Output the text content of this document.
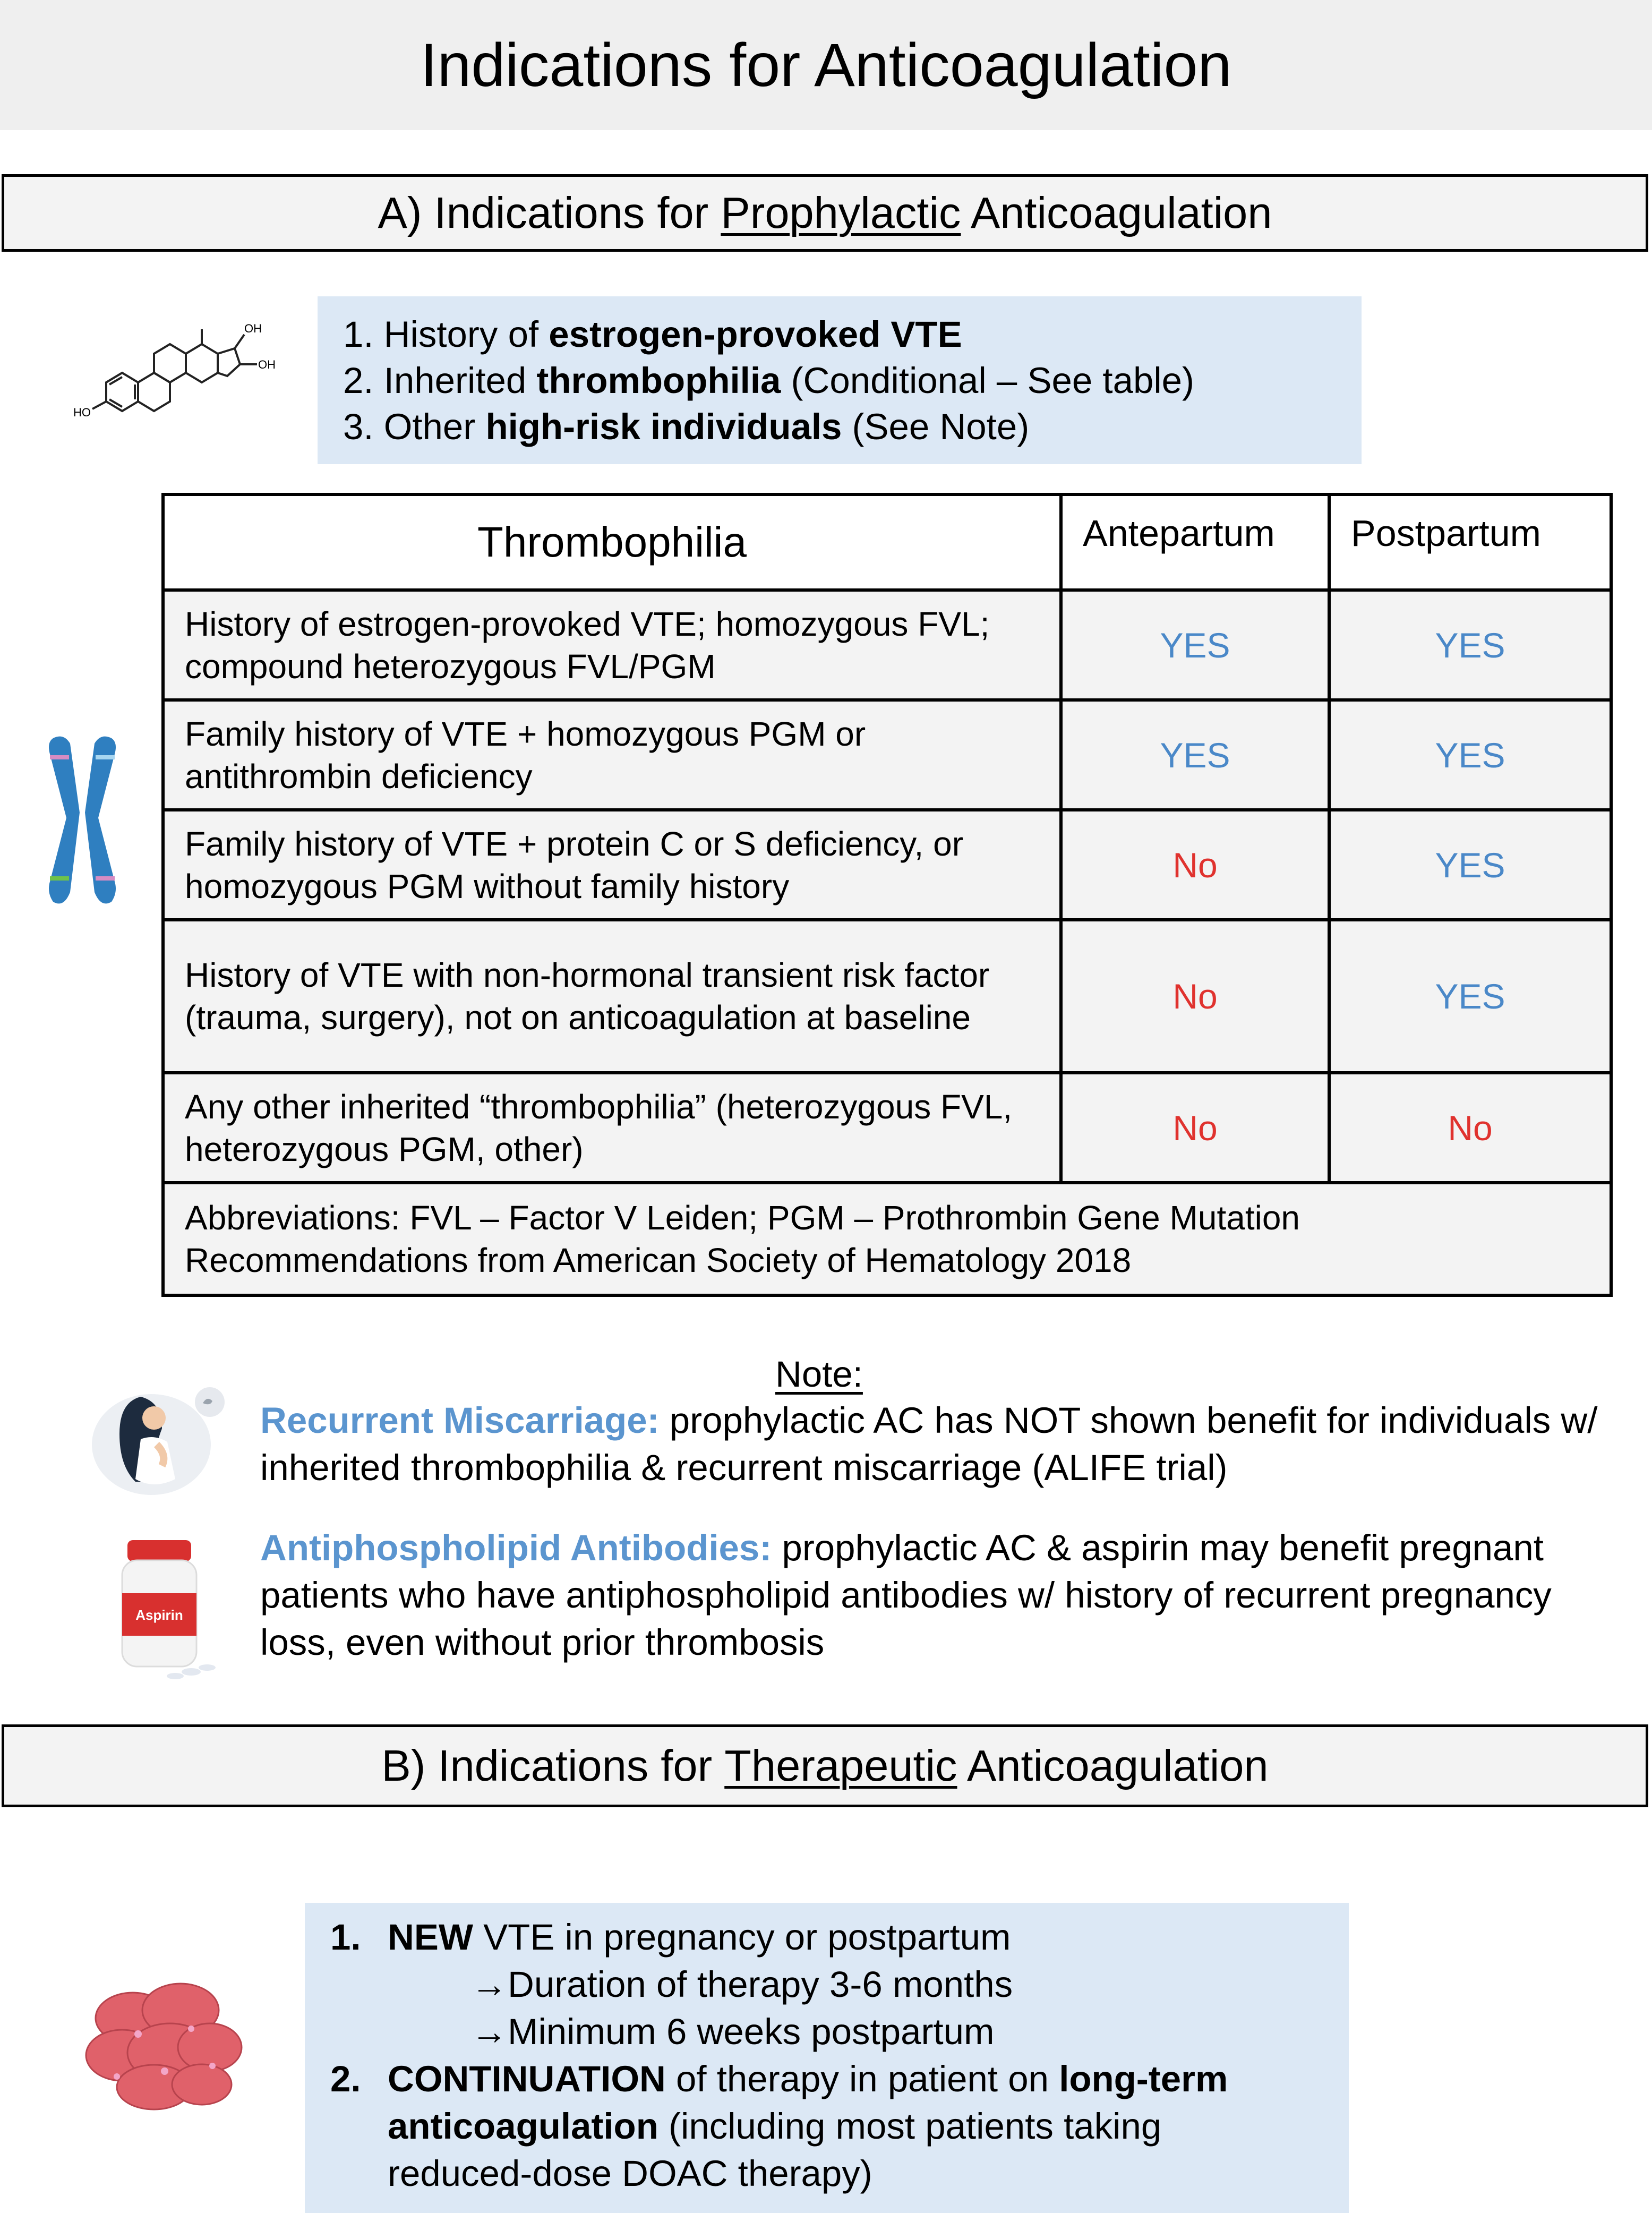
Indications for Anticoagulation
A) Indications for Prophylactic Anticoagulation
OH
OH
HO
1. History of estrogen-provoked VTE
2. Inherited thrombophilia (Conditional – See table)
3. Other high-risk individuals (See Note)
Thrombophilia	Antepartum	Postpartum
History of estrogen-provoked VTE; homozygous FVL; compound heterozygous FVL/PGM	YES	YES
Family history of VTE + homozygous PGM or antithrombin deficiency	YES	YES
Family history of VTE + protein C or S deficiency, or homozygous PGM without family history	No	YES
History of VTE with non-hormonal transient risk factor (trauma, surgery), not on anticoagulation at baseline	No	YES
Any other inherited “thrombophilia” (heterozygous FVL, heterozygous PGM, other)	No	No

Abbreviations: FVL – Factor V Leiden; PGM – Prothrombin Gene Mutation
Recommendations from American Society of Hematology 2018		
Note:
Recurrent Miscarriage: prophylactic AC has NOT shown benefit for individuals w/ inherited thrombophilia & recurrent miscarriage (ALIFE trial)
Aspirin
Antiphospholipid Antibodies: prophylactic AC & aspirin may benefit pregnant patients who have antiphospholipid antibodies w/ history of recurrent pregnancy loss, even without prior thrombosis
B) Indications for Therapeutic Anticoagulation
1. NEW VTE in pregnancy or postpartum
→Duration of therapy 3-6 months
→Minimum 6 weeks postpartum
2. CONTINUATION of therapy in patient on long-term
anticoagulation (including most patients taking
reduced-dose DOAC therapy)
